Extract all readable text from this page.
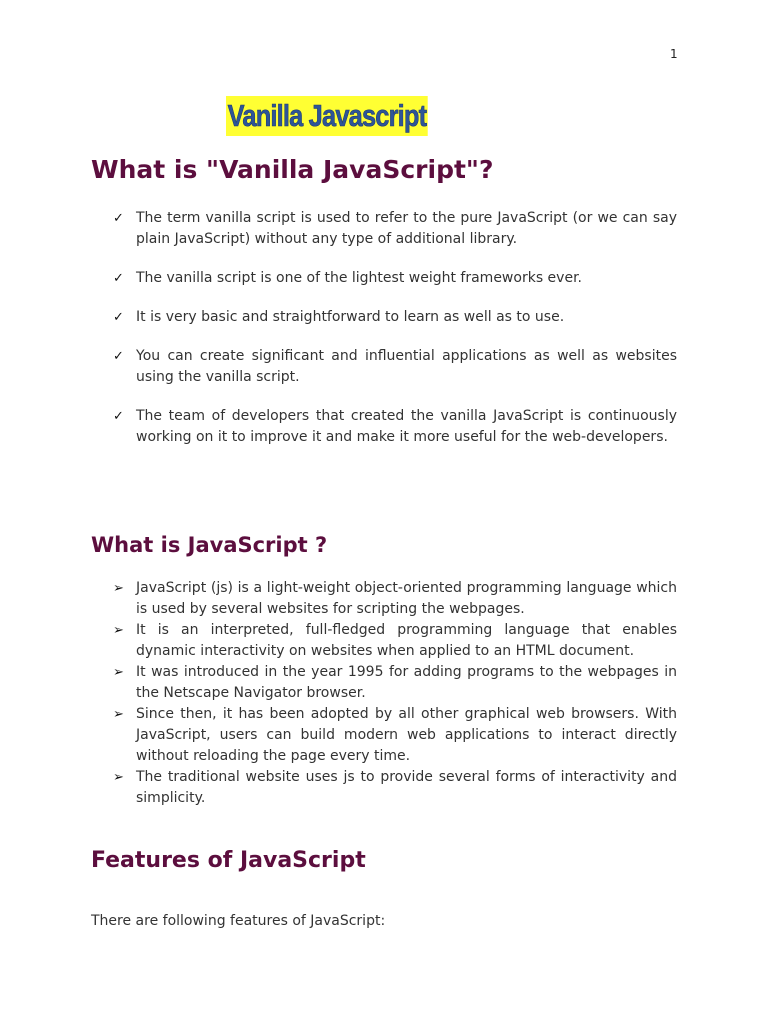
1
Vanilla Javascript
What is "Vanilla JavaScript"?
✓ The term vanilla script is used to refer to the pure JavaScript (or we can say plain JavaScript) without any type of additional library.
✓ The vanilla script is one of the lightest weight frameworks ever.
✓ It is very basic and straightforward to learn as well as to use.
✓ You can create significant and influential applications as well as websites using the vanilla script.
✓ The team of developers that created the vanilla JavaScript is continuously working on it to improve it and make it more useful for the web-developers.
What is JavaScript ?
➢ JavaScript (js) is a light-weight object-oriented programming language which is used by several websites for scripting the webpages.
➢ It is an interpreted, full-fledged programming language that enables dynamic interactivity on websites when applied to an HTML document.
➢ It was introduced in the year 1995 for adding programs to the webpages in the Netscape Navigator browser.
➢ Since then, it has been adopted by all other graphical web browsers. With JavaScript, users can build modern web applications to interact directly without reloading the page every time.
➢ The traditional website uses js to provide several forms of interactivity and simplicity.
Features of JavaScript

There are following features of JavaScript:
